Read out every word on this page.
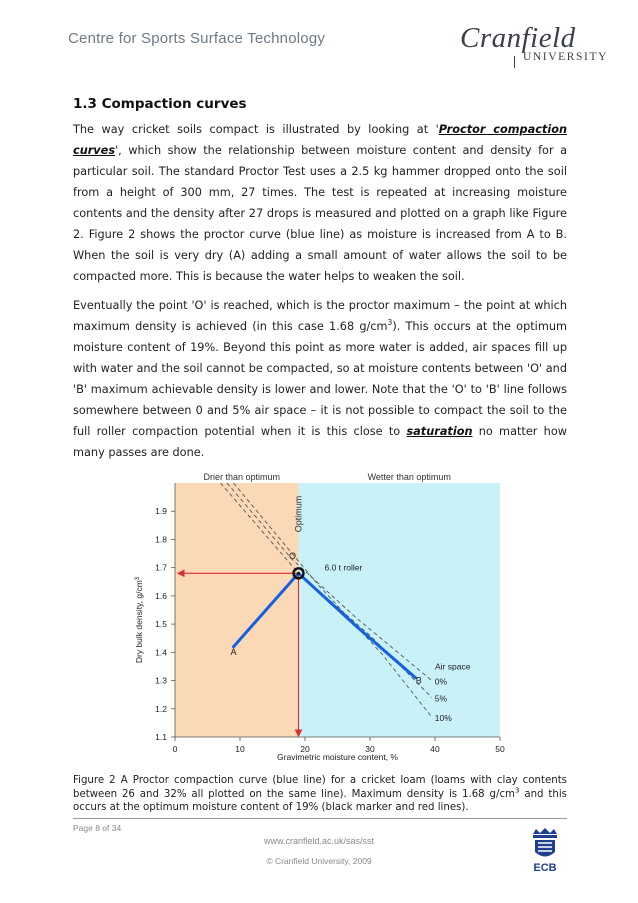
Centre for Sports Surface Technology	Cranfield
UNIVERSITY
1.3 Compaction curves

The way cricket soils compact is illustrated by looking at 'Proctor compaction curves', which show the relationship between moisture content and density for a particular soil. The standard Proctor Test uses a 2.5 kg hammer dropped onto the soil from a height of 300 mm, 27 times. The test is repeated at increasing moisture contents and the density after 27 drops is measured and plotted on a graph like Figure 2. Figure 2 shows the proctor curve (blue line) as moisture is increased from A to B. When the soil is very dry (A) adding a small amount of water allows the soil to be compacted more. This is because the water helps to weaken the soil.

Eventually the point 'O' is reached, which is the proctor maximum – the point at which maximum density is achieved (in this case 1.68 $g/cm^3$). This occurs at the optimum moisture content of 19%. Beyond this point as more water is added, air spaces fill up with water and the soil cannot be compacted, so at moisture contents between 'O' and 'B' maximum achievable density is lower and lower. Note that the 'O' to 'B' line follows somewhere between 0 and 5% air space – it is not possible to compact the soil to the full roller compaction potential when it is this close to saturation no matter how many passes are done.

0	10	20	30	40	50
1.1
1.2
1.3
1.4
1.5
1.6
1.7
1.8
1.9
0%
5%
10%
Drier than optimum	Wetter than optimum
Optimum
6.0 t roller
Air space
A
O
B
Gravimetric moisture content, %
Dry bulk density, $g/cm^3$

Figure 2 A Proctor compaction curve (blue line) for a cricket loam (loams with clay contents between 26 and 32% all plotted on the same line). Maximum density is 1.68 $g/cm^3$ and this occurs at the optimum moisture content of 19% (black marker and red lines).

Page 8 of 34
www.cranfield.ac.uk/sas/sst
© Cranfield University, 2009
ECB
